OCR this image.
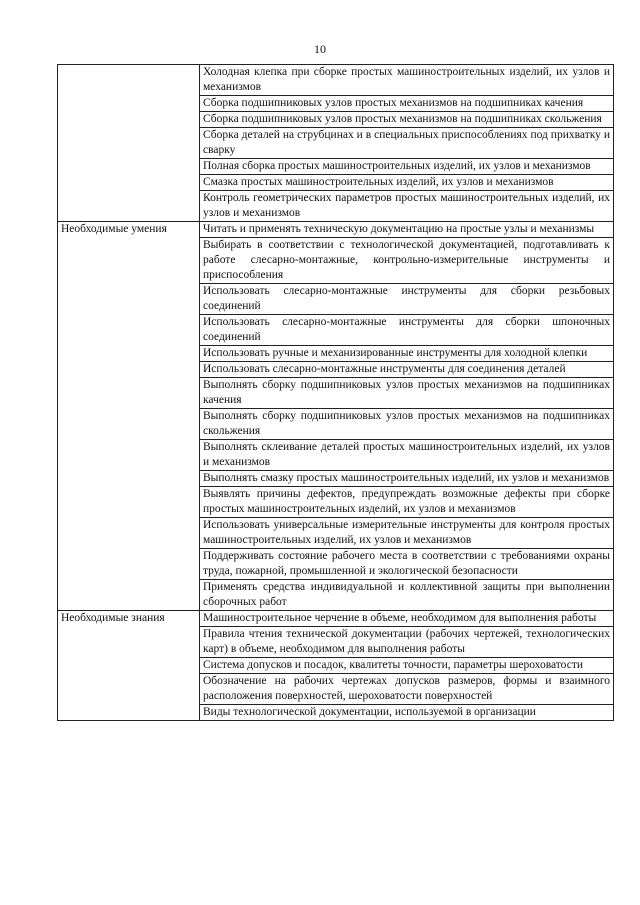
10
	Холодная клепка при сборке простых машиностроительных изделий, их узлов и механизмов
	Сборка подшипниковых узлов простых механизмов на подшипниках качения
	Сборка подшипниковых узлов простых механизмов на подшипниках скольжения
	Сборка деталей на струбцинах и в специальных приспособлениях под прихватку и сварку
	Полная сборка простых машиностроительных изделий, их узлов и механизмов
	Смазка простых машиностроительных изделий, их узлов и механизмов
	Контроль геометрических параметров простых машиностроительных изделий, их узлов и механизмов
Необходимые умения	Читать и применять техническую документацию на простые узлы и механизмы
	Выбирать в соответствии с технологической документацией, подготавливать к работе слесарно-монтажные, контрольно-измерительные инструменты и приспособления
	Использовать слесарно-монтажные инструменты для сборки резьбовых соединений
	Использовать слесарно-монтажные инструменты для сборки шпоночных соединений
	Использовать ручные и механизированные инструменты для холодной клепки
	Использовать слесарно-монтажные инструменты для соединения деталей
	Выполнять сборку подшипниковых узлов простых механизмов на подшипниках качения
	Выполнять сборку подшипниковых узлов простых механизмов на подшипниках скольжения
	Выполнять склеивание деталей простых машиностроительных изделий, их узлов и механизмов
	Выполнять смазку простых машиностроительных изделий, их узлов и механизмов
	Выявлять причины дефектов, предупреждать возможные дефекты при сборке простых машиностроительных изделий, их узлов и механизмов
	Использовать универсальные измерительные инструменты для контроля простых машиностроительных изделий, их узлов и механизмов
	Поддерживать состояние рабочего места в соответствии с требованиями охраны труда, пожарной, промышленной и экологической безопасности
	Применять средства индивидуальной и коллективной защиты при выполнении сборочных работ
Необходимые знания	Машиностроительное черчение в объеме, необходимом для выполнения работы
	Правила чтения технической документации (рабочих чертежей, технологических карт) в объеме, необходимом для выполнения работы
	Система допусков и посадок, квалитеты точности, параметры шероховатости
	Обозначение на рабочих чертежах допусков размеров, формы и взаимного расположения поверхностей, шероховатости поверхностей
	Виды технологической документации, используемой в организации
